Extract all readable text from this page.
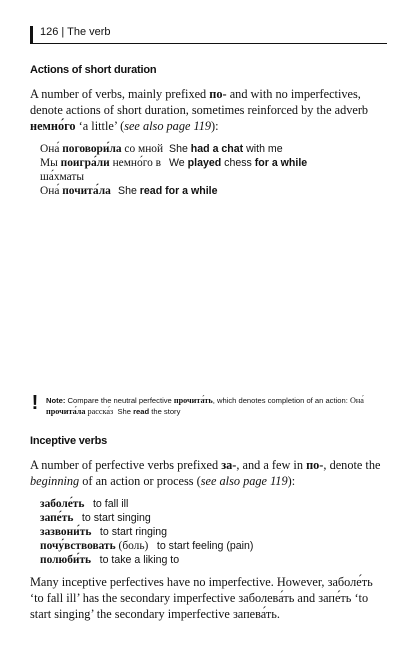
126 | The verb
Actions of short duration

A number of verbs, mainly prefixed по- and with no imperfectives, denote actions of short duration, sometimes reinforced by the adverb немно́го ‘a little’ (see also page 119):

Она́ поговори́ла со мной She had a chat with me
Мы поигра́ли немно́го в We played chess for a while
ша́хматы
Она́ почита́ла She read for a while
! Note: Compare the neutral perfective прочита́ть, which denotes completion of an action: Она́ прочита́ла расска́з She read the story
Inceptive verbs

A number of perfective verbs prefixed за-, and a few in по-, denote the beginning of an action or process (see also page 119):

заболе́ть to fall ill
запе́ть to start singing
зазвони́ть to start ringing
почу́вствовать (боль) to start feeling (pain)
полюби́ть to take a liking to

Many inceptive perfectives have no imperfective. However, заболе́ть ‘to fall ill’ has the secondary imperfective заболева́ть and запе́ть ‘to start singing’ the secondary imperfective запева́ть.
